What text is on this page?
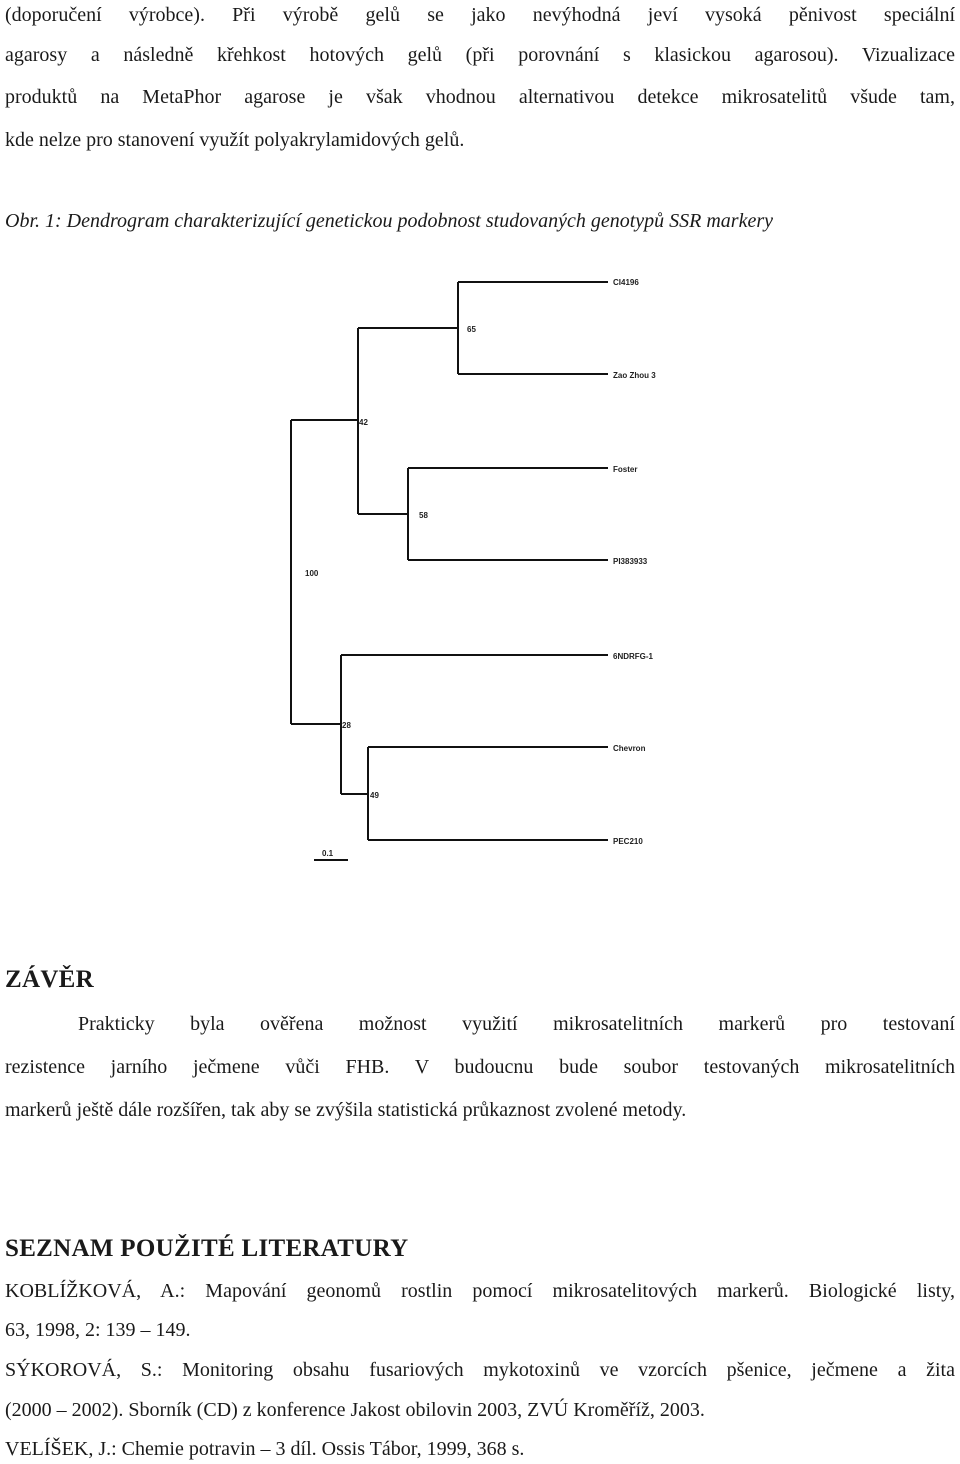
(doporučení výrobce). Při výrobě gelů se jako nevýhodná jeví vysoká pěnivost speciální
agarosy a následně křehkost hotových gelů (při porovnání s klasickou agarosou). Vizualizace
produktů na MetaPhor agarose je však vhodnou alternativou detekce mikrosatelitů všude tam,
kde nelze pro stanovení využít polyakrylamidových gelů.
Obr. 1: Dendrogram charakterizující genetickou podobnost studovaných genotypů SSR markery
CI4196
Zao Zhou 3
Foster
PI383933
6NDRFG-1
Chevron
PEC210
65
42
58
100
28
49
0.1
ZÁVĚR
Prakticky byla ověřena možnost využití mikrosatelitních markerů pro testovaní
rezistence jarního ječmene vůči FHB. V budoucnu bude soubor testovaných mikrosatelitních
markerů ještě dále rozšířen, tak aby se zvýšila statistická průkaznost zvolené metody.
SEZNAM POUŽITÉ LITERATURY
KOBLÍŽKOVÁ, A.: Mapování geonomů rostlin pomocí mikrosatelitových markerů. Biologické listy,
63, 1998, 2: 139 – 149.
SÝKOROVÁ, S.: Monitoring obsahu fusariových mykotoxinů ve vzorcích pšenice, ječmene a žita
(2000 – 2002). Sborník (CD) z konference Jakost obilovin 2003, ZVÚ Kroměříž, 2003.
VELÍŠEK, J.: Chemie potravin – 3 díl. Ossis Tábor, 1999, 368 s.
